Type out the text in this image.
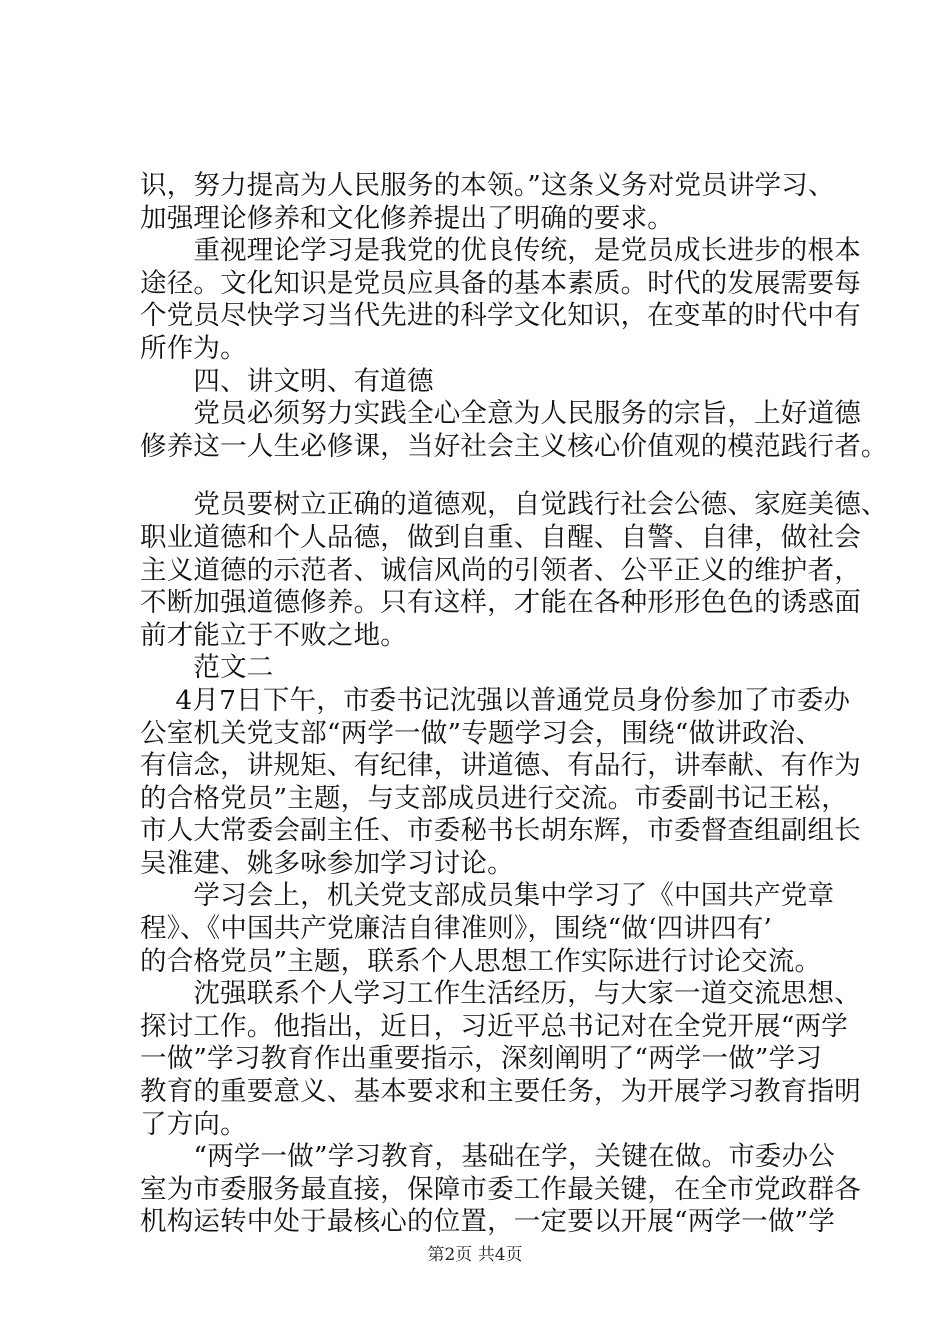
识，努力提高为人民服务的本领。”这条义务对党员讲学习、
加强理论修养和文化修养提出了明确的要求。
　　重视理论学习是我党的优良传统，是党员成长进步的根本
途径。文化知识是党员应具备的基本素质。时代的发展需要每
个党员尽快学习当代先进的科学文化知识，在变革的时代中有
所作为。
　　四、讲文明、有道德
　　党员必须努力实践全心全意为人民服务的宗旨，上好道德
修养这一人生必修课，当好社会主义核心价值观的模范践行者。
　　党员要树立正确的道德观，自觉践行社会公德、家庭美德、
职业道德和个人品德，做到自重、自醒、自警、自律，做社会
主义道德的示范者、诚信风尚的引领者、公平正义的维护者，
不断加强道德修养。只有这样，才能在各种形形色色的诱惑面
前才能立于不败之地。
　　范文二
　 4月7日下午，市委书记沈强以普通党员身份参加了市委办
公室机关党支部“两学一做”专题学习会，围绕“做讲政治、
有信念，讲规矩、有纪律，讲道德、有品行，讲奉献、有作为
的合格党员”主题，与支部成员进行交流。市委副书记王崧，
市人大常委会副主任、市委秘书长胡东辉，市委督查组副组长
吴淮建、姚多咏参加学习讨论。
　　学习会上，机关党支部成员集中学习了《中国共产党章
程》、《中国共产党廉洁自律准则》，围绕“做‘四讲四有’
的合格党员”主题，联系个人思想工作实际进行讨论交流。
　　沈强联系个人学习工作生活经历，与大家一道交流思想、
探讨工作。他指出，近日，习近平总书记对在全党开展“两学
一做”学习教育作出重要指示，深刻阐明了“两学一做”学习
教育的重要意义、基本要求和主要任务，为开展学习教育指明
了方向。
　　“两学一做”学习教育，基础在学，关键在做。市委办公
室为市委服务最直接，保障市委工作最关键，在全市党政群各
机构运转中处于最核心的位置，一定要以开展“两学一做”学
第2页 共4页
